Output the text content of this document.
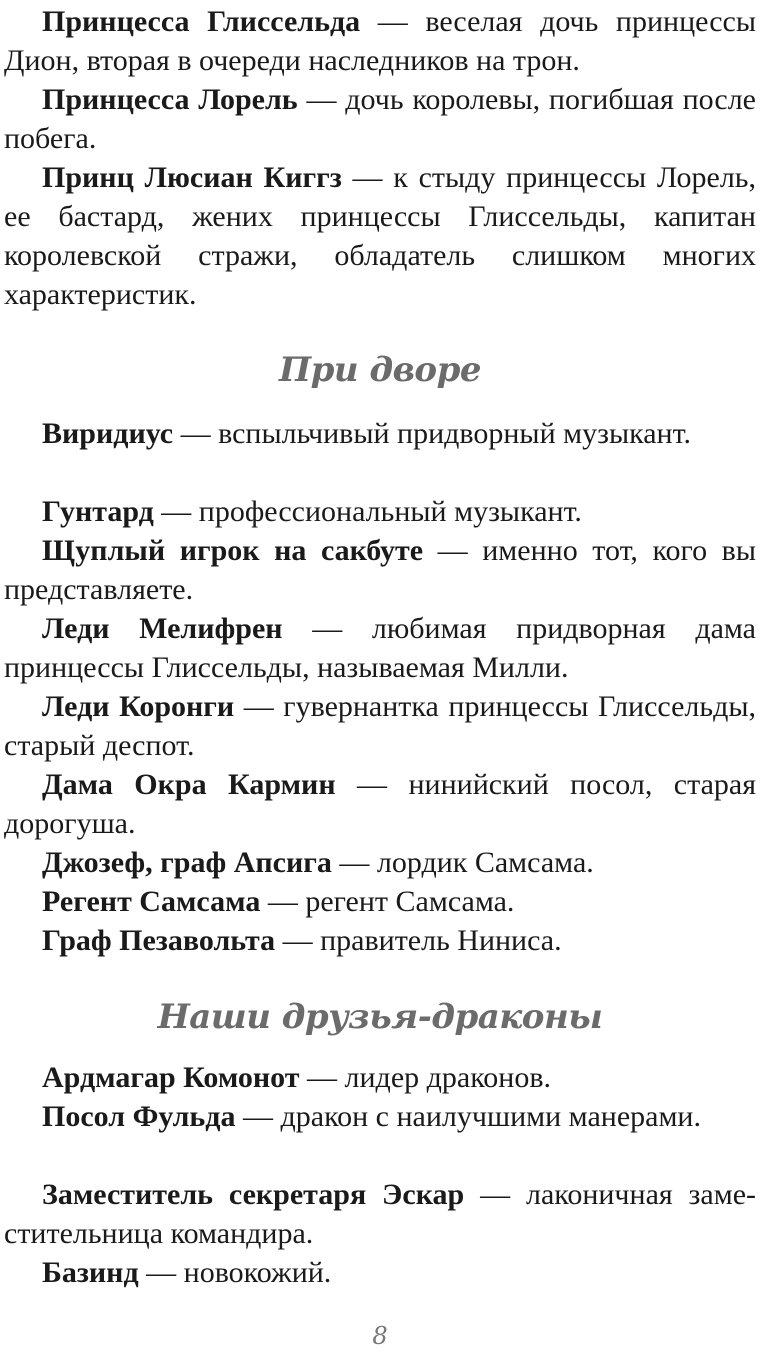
Принцесса Глиссельда — веселая дочь принцессы Дион, вторая в очереди наследников на трон.

Принцесса Лорель — дочь королевы, погибшая после побега.

Принц Люсиан Киггз — к стыду принцессы Лорель, ее бастард, жених принцессы Глиссельды, капитан королевской стражи, обладатель слишком многих характеристик.

При дворе

Виридиус — вспыльчивый придворный музыкант.

Гунтард — профессиональный музыкант.

Щуплый игрок на сакбуте — именно тот, кого вы представляете.

Леди Мелифрен — любимая придворная дама принцессы Глиссельды, называемая Милли.

Леди Коронги — гувернантка принцессы Глиссельды, старый деспот.

Дама Окра Кармин — нинийский посол, старая дорогуша.

Джозеф, граф Апсига — лордик Самсама.

Регент Самсама — регент Самсама.

Граф Пезавольта — правитель Ниниса.

Наши друзья-драконы

Ардмагар Комонот — лидер драконов.

Посол Фульда — дракон с наилучшими манерами.

Заместитель секретаря Эскар — лаконичная заместительница командира.

Базинд — новокожий.

8
